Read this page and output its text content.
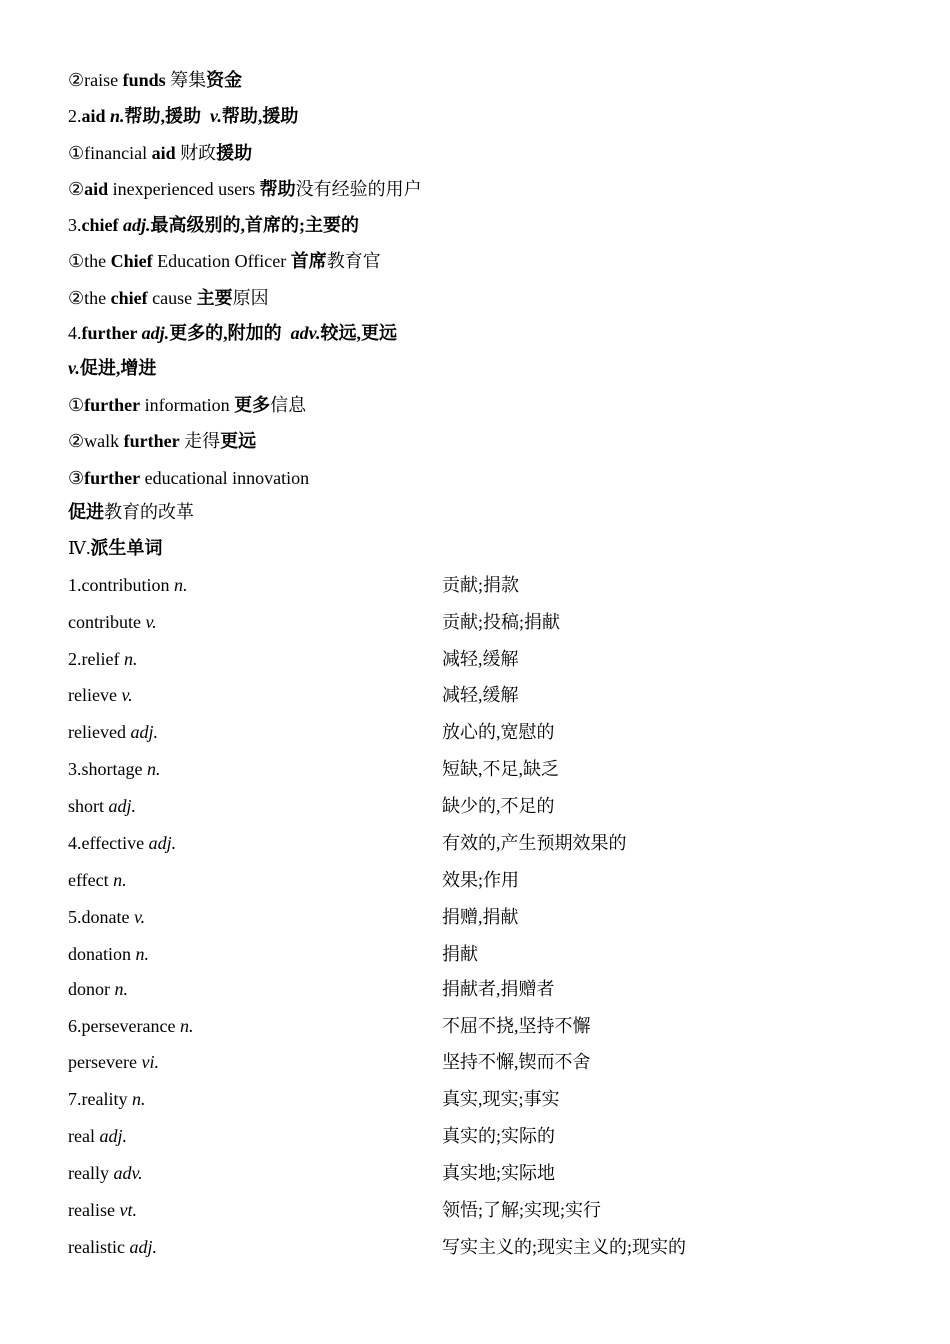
②raise funds 筹集资金
2.aid n.帮助,援助  v.帮助,援助
①financial aid 财政援助
②aid inexperienced users 帮助没有经验的用户
3.chief adj.最高级别的,首席的;主要的
①the Chief Education Officer 首席教育官
②the chief cause 主要原因
4.further adj.更多的,附加的  adv.较远,更远
v.促进,增进
①further information 更多信息
②walk further 走得更远
③further educational innovation
促进教育的改革
Ⅳ.派生单词
1.contribution n.	贡献;捐款
contribute v.	贡献;投稿;捐献
2.relief n.	减轻,缓解
relieve v.	减轻,缓解
relieved adj.	放心的,宽慰的
3.shortage n.	短缺,不足,缺乏
short adj.	缺少的,不足的
4.effective adj.	有效的,产生预期效果的
effect n.	效果;作用
5.donate v.	捐赠,捐献
donation n.	捐献
donor n.	捐献者,捐赠者
6.perseverance n.	不屈不挠,坚持不懈
persevere vi.	坚持不懈,锲而不舍
7.reality n.	真实,现实;事实
real adj.	真实的;实际的
really adv.	真实地;实际地
realise vt.	领悟;了解;实现;实行
realistic adj.	写实主义的;现实主义的;现实的
